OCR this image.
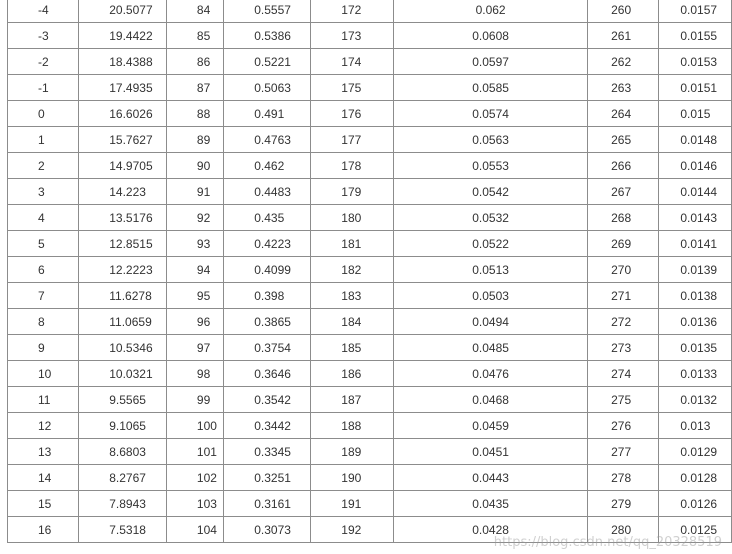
-4	20.5077	84	0.5557	172	0.062	260	0.0157
-3	19.4422	85	0.5386	173	0.0608	261	0.0155
-2	18.4388	86	0.5221	174	0.0597	262	0.0153
-1	17.4935	87	0.5063	175	0.0585	263	0.0151
0	16.6026	88	0.491	176	0.0574	264	0.015
1	15.7627	89	0.4763	177	0.0563	265	0.0148
2	14.9705	90	0.462	178	0.0553	266	0.0146
3	14.223	91	0.4483	179	0.0542	267	0.0144
4	13.5176	92	0.435	180	0.0532	268	0.0143
5	12.8515	93	0.4223	181	0.0522	269	0.0141
6	12.2223	94	0.4099	182	0.0513	270	0.0139
7	11.6278	95	0.398	183	0.0503	271	0.0138
8	11.0659	96	0.3865	184	0.0494	272	0.0136
9	10.5346	97	0.3754	185	0.0485	273	0.0135
10	10.0321	98	0.3646	186	0.0476	274	0.0133
11	9.5565	99	0.3542	187	0.0468	275	0.0132
12	9.1065	100	0.3442	188	0.0459	276	0.013
13	8.6803	101	0.3345	189	0.0451	277	0.0129
14	8.2767	102	0.3251	190	0.0443	278	0.0128
15	7.8943	103	0.3161	191	0.0435	279	0.0126
16	7.5318	104	0.3073	192	0.0428	280	0.0125
https://blog.csdn.net/qq_20328519
